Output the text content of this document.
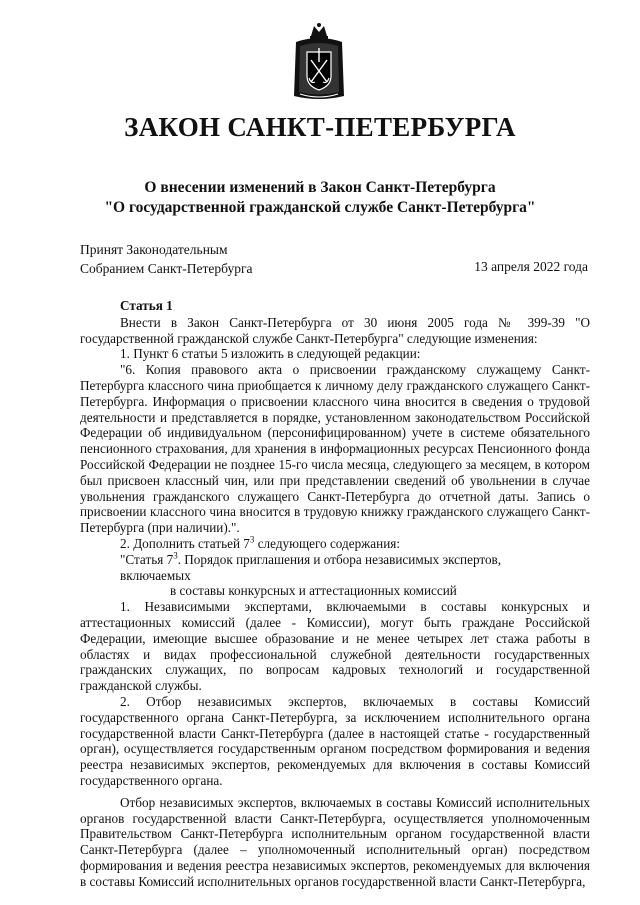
ЗАКОН САНКТ-ПЕТЕРБУРГА
О внесении изменений в Закон Санкт-Петербурга
"О государственной гражданской службе Санкт-Петербурга"
Принят Законодательным
Собранием Санкт-Петербурга	13 апреля 2022 года

Статья 1

Внести в Закон Санкт-Петербурга от 30 июня 2005 года № 399-39 "О государственной гражданской службе Санкт-Петербурга" следующие изменения:

1. Пункт 6 статьи 5 изложить в следующей редакции:

"6. Копия правового акта о присвоении гражданскому служащему Санкт-Петербурга классного чина приобщается к личному делу гражданского служащего Санкт-Петербурга. Информация о присвоении классного чина вносится в сведения о трудовой деятельности и представляется в порядке, установленном законодательством Российской Федерации об индивидуальном (персонифицированном) учете в системе обязательного пенсионного страхования, для хранения в информационных ресурсах Пенсионного фонда Российской Федерации не позднее 15-го числа месяца, следующего за месяцем, в котором был присвоен классный чин, или при представлении сведений об увольнении в случае увольнения гражданского служащего Санкт-Петербурга до отчетной даты. Запись о присвоении классного чина вносится в трудовую книжку гражданского служащего Санкт-Петербурга (при наличии).".

2. Дополнить статьей $7^3$ следующего содержания:

"Статья $7^3$. Порядок приглашения и отбора независимых экспертов, включаемых
в составы конкурсных и аттестационных комиссий

1. Независимыми экспертами, включаемыми в составы конкурсных и аттестационных комиссий (далее - Комиссии), могут быть граждане Российской Федерации, имеющие высшее образование и не менее четырех лет стажа работы в областях и видах профессиональной служебной деятельности государственных гражданских служащих, по вопросам кадровых технологий и государственной гражданской службы.

2. Отбор независимых экспертов, включаемых в составы Комиссий государственного органа Санкт-Петербурга, за исключением исполнительного органа государственной власти Санкт-Петербурга (далее в настоящей статье - государственный орган), осуществляется государственным органом посредством формирования и ведения реестра независимых экспертов, рекомендуемых для включения в составы Комиссий государственного органа.

Отбор независимых экспертов, включаемых в составы Комиссий исполнительных органов государственной власти Санкт-Петербурга, осуществляется уполномоченным Правительством Санкт-Петербурга исполнительным органом государственной власти Санкт-Петербурга (далее – уполномоченный исполнительный орган) посредством формирования и ведения реестра независимых экспертов, рекомендуемых для включения в составы Комиссий исполнительных органов государственной власти Санкт-Петербурга,
